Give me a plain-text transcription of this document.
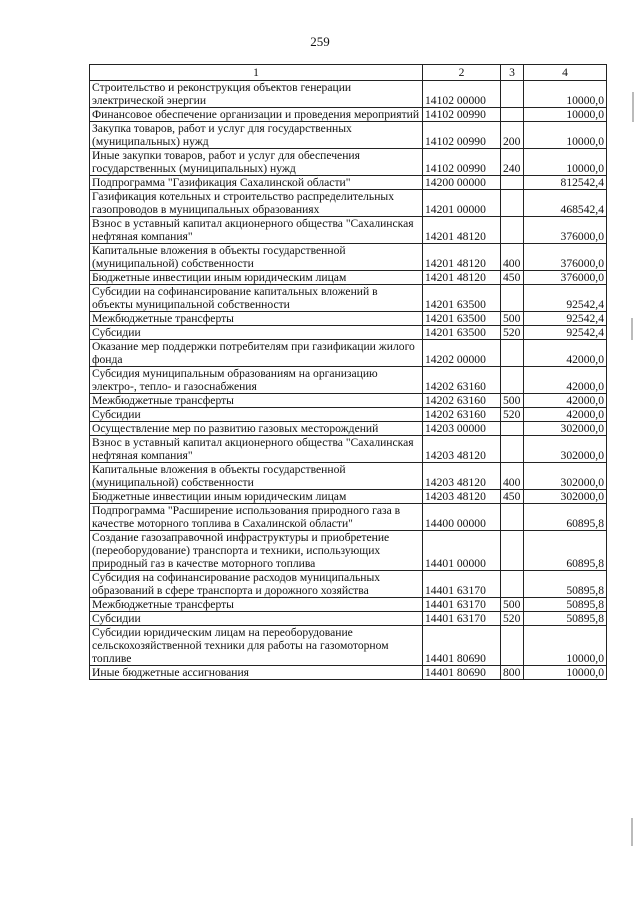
259
1	2	3	4
Строительство и реконструкция объектов генерации электрической энергии	14102 00000		10000,0
Финансовое обеспечение организации и проведения мероприятий	14102 00990		10000,0
Закупка товаров, работ и услуг для государственных (муниципальных) нужд	14102 00990	200	10000,0
Иные закупки товаров, работ и услуг для обеспечения государственных (муниципальных) нужд	14102 00990	240	10000,0
Подпрограмма "Газификация Сахалинской области"	14200 00000		812542,4
Газификация котельных и строительство распределительных газопроводов в муниципальных образованиях	14201 00000		468542,4
Взнос в уставный капитал акционерного общества "Сахалинская нефтяная компания"	14201 48120		376000,0
Капитальные вложения в объекты государственной (муниципальной) собственности	14201 48120	400	376000,0
Бюджетные инвестиции иным юридическим лицам	14201 48120	450	376000,0
Субсидии на софинансирование капитальных вложений в объекты муниципальной собственности	14201 63500		92542,4
Межбюджетные трансферты	14201 63500	500	92542,4
Субсидии	14201 63500	520	92542,4
Оказание мер поддержки потребителям при газификации жилого фонда	14202 00000		42000,0
Субсидия муниципальным образованиям на организацию электро-, тепло- и газоснабжения	14202 63160		42000,0
Межбюджетные трансферты	14202 63160	500	42000,0
Субсидии	14202 63160	520	42000,0
Осуществление мер по развитию газовых месторождений	14203 00000		302000,0
Взнос в уставный капитал акционерного общества "Сахалинская нефтяная компания"	14203 48120		302000,0
Капитальные вложения в объекты государственной (муниципальной) собственности	14203 48120	400	302000,0
Бюджетные инвестиции иным юридическим лицам	14203 48120	450	302000,0
Подпрограмма "Расширение использования природного газа в качестве моторного топлива в Сахалинской области"	14400 00000		60895,8
Создание газозаправочной инфраструктуры и приобретение (переоборудование) транспорта и техники, использующих природный газ в качестве моторного топлива	14401 00000		60895,8
Субсидия на софинансирование расходов муниципальных образований в сфере транспорта и дорожного хозяйства	14401 63170		50895,8
Межбюджетные трансферты	14401 63170	500	50895,8
Субсидии	14401 63170	520	50895,8
Субсидии юридическим лицам на переоборудование сельскохозяйственной техники для работы на газомоторном топливе	14401 80690		10000,0
Иные бюджетные ассигнования	14401 80690	800	10000,0
